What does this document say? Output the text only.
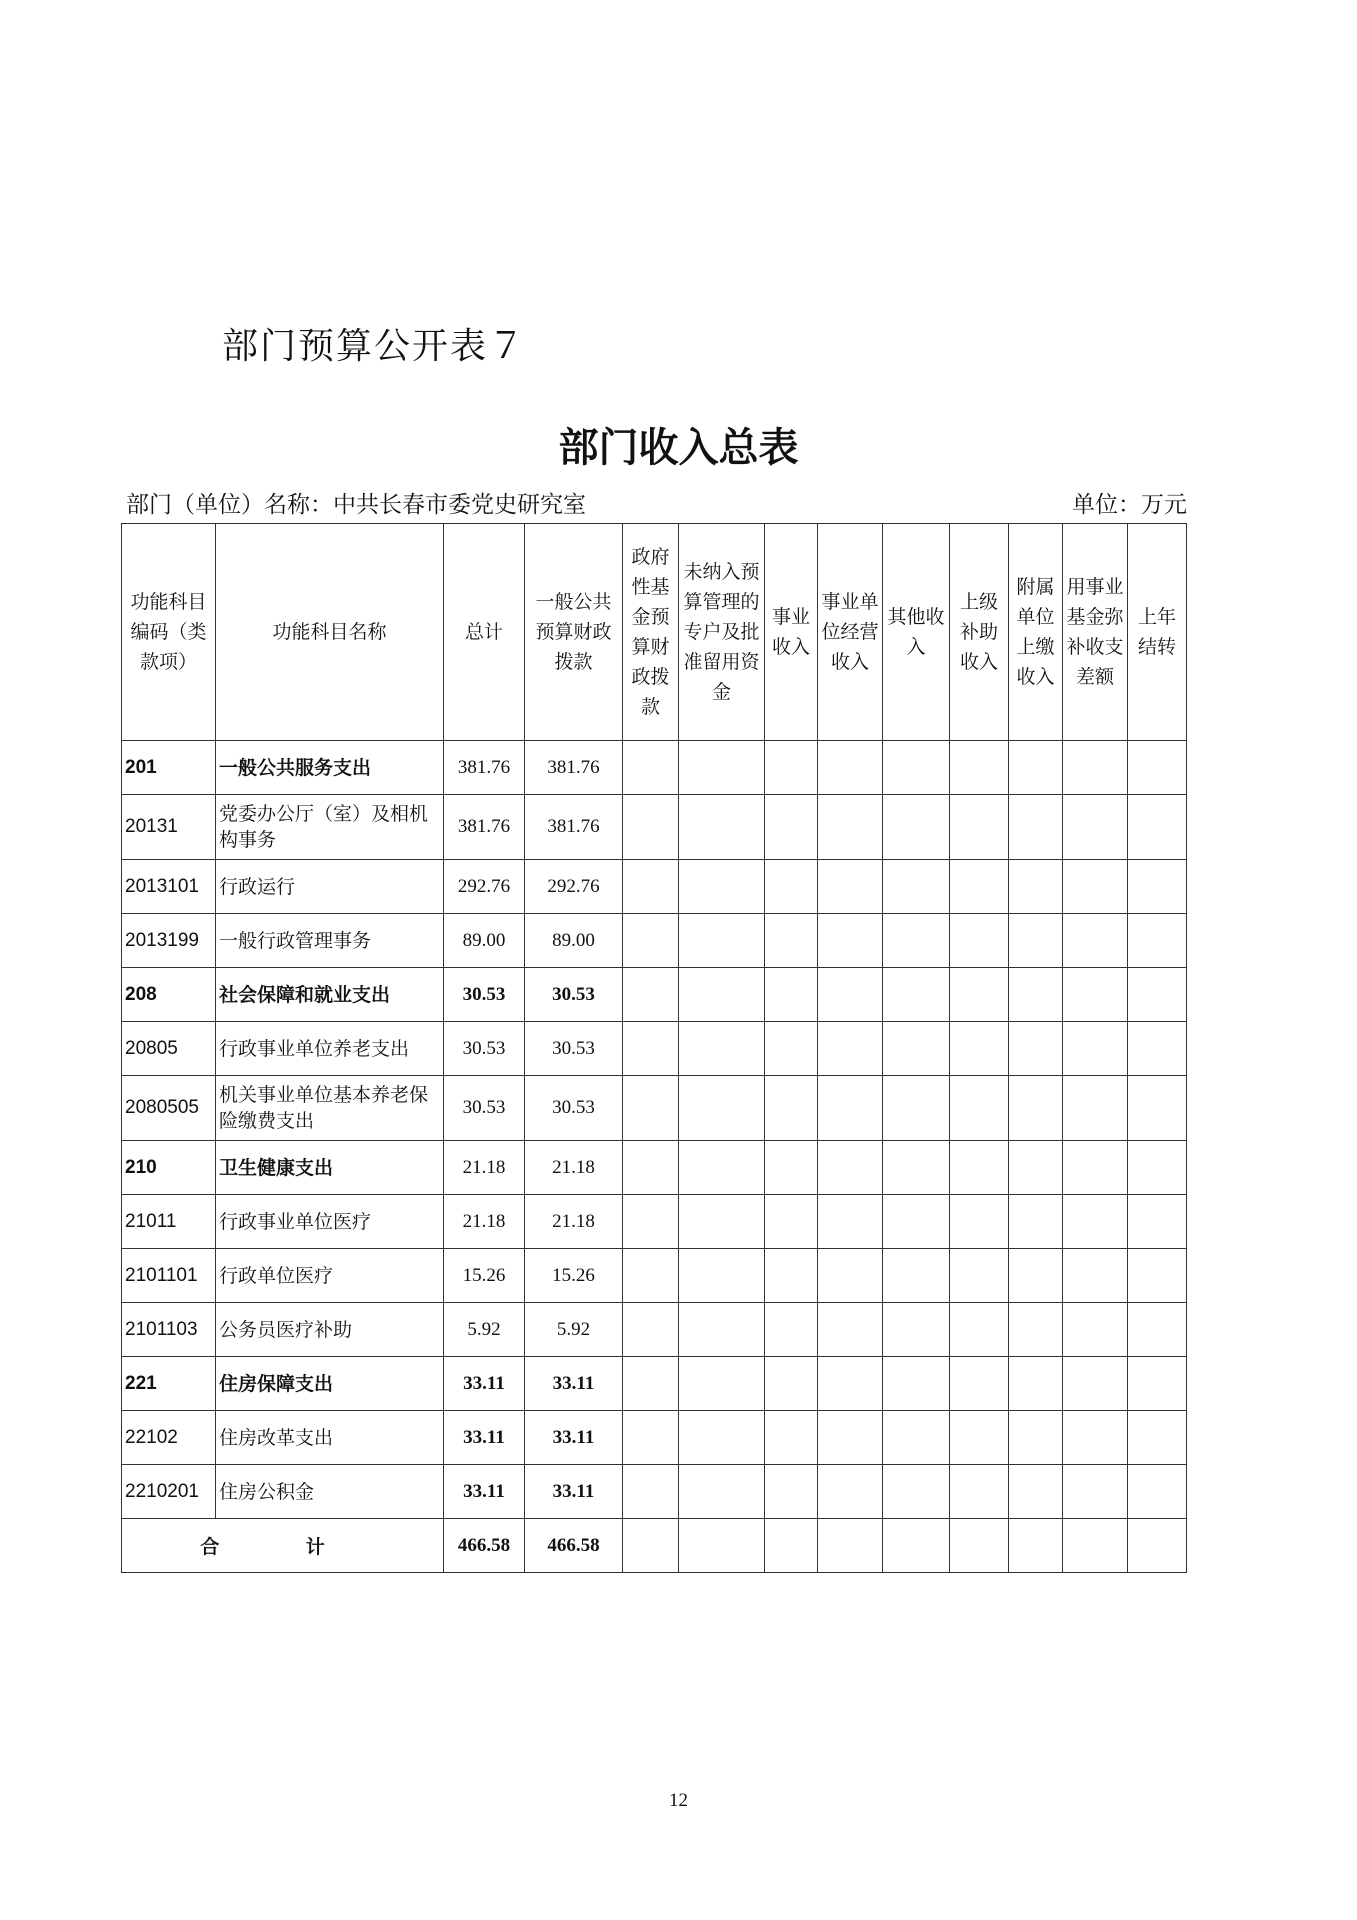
部门预算公开表７
部门收入总表
部门（单位）名称：中共长春市委党史研究室	单位：万元
功能科目编码（类款项）	功能科目名称	总计	一般公共预算财政拨款	政府性基金预算财政拨款	未纳入预算管理的专户及批准留用资金	事业收入	事业单位经营收入	其他收入	上级补助收入	附属单位上缴收入	用事业基金弥补收支差额	上年结转
201	一般公共服务支出	381.76	381.76									
20131	党委办公厅（室）及相机构事务	381.76	381.76									
2013101	行政运行	292.76	292.76									
2013199	一般行政管理事务	89.00	89.00									
208	社会保障和就业支出	30.53	30.53									
20805	行政事业单位养老支出	30.53	30.53									
2080505	机关事业单位基本养老保险缴费支出	30.53	30.53									
210	卫生健康支出	21.18	21.18									
21011	行政事业单位医疗	21.18	21.18									
2101101	行政单位医疗	15.26	15.26									
2101103	公务员医疗补助	5.92	5.92									
221	住房保障支出	33.11	33.11									
22102	住房改革支出	33.11	33.11									
2210201	住房公积金	33.11	33.11									
合 计		466.58	466.58									
12
